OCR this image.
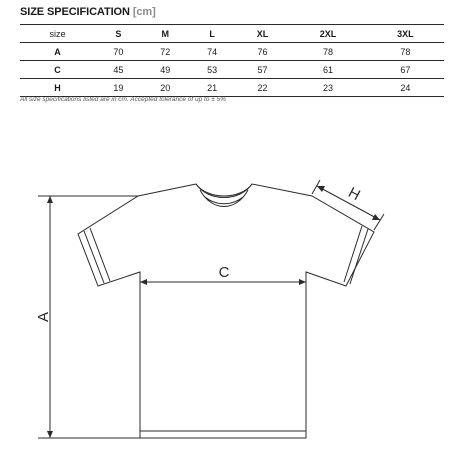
SIZE SPECIFICATION [cm]
size	S	M	L	XL	2XL	3XL
A	70	72	74	76	78	78
C	45	49	53	57	61	67
H	19	20	21	22	23	24
All size specifications listed are in cm. Accepted tolerance of up to ± 5%
C
A
H
